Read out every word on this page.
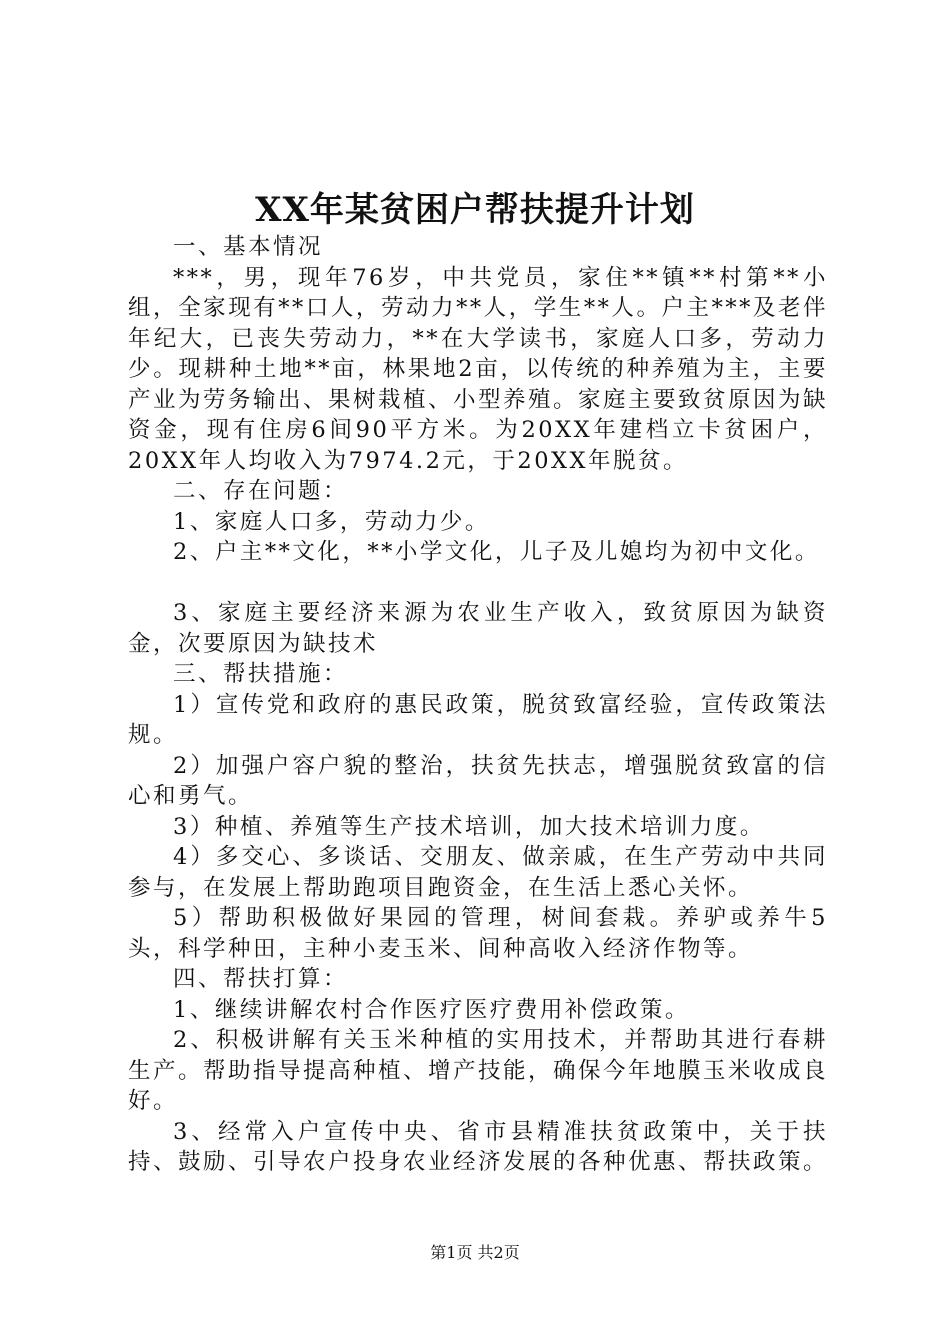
XX年某贫困户帮扶提升计划

一、基本情况

***，男，现年76岁，中共党员，家住**镇**村第**小组，全家现有**口人，劳动力**人，学生**人。户主***及老伴年纪大，已丧失劳动力，**在大学读书，家庭人口多，劳动力少。现耕种土地**亩，林果地2亩，以传统的种养殖为主，主要产业为劳务输出、果树栽植、小型养殖。家庭主要致贫原因为缺资金，现有住房6间90平方米。为20XX年建档立卡贫困户，20XX年人均收入为7974.2元，于20XX年脱贫。

二、存在问题：

1、家庭人口多，劳动力少。

2、户主**文化，**小学文化，儿子及儿媳均为初中文化。

3、家庭主要经济来源为农业生产收入，致贫原因为缺资金，次要原因为缺技术

三、帮扶措施：

1）宣传党和政府的惠民政策，脱贫致富经验，宣传政策法规。

2）加强户容户貌的整治，扶贫先扶志，增强脱贫致富的信心和勇气。

3）种植、养殖等生产技术培训，加大技术培训力度。

4）多交心、多谈话、交朋友、做亲戚，在生产劳动中共同参与，在发展上帮助跑项目跑资金，在生活上悉心关怀。

5）帮助积极做好果园的管理，树间套栽。养驴或养牛5头，科学种田，主种小麦玉米、间种高收入经济作物等。

四、帮扶打算：

1、继续讲解农村合作医疗医疗费用补偿政策。

2、积极讲解有关玉米种植的实用技术，并帮助其进行春耕生产。帮助指导提高种植、增产技能，确保今年地膜玉米收成良好。

3、经常入户宣传中央、省市县精准扶贫政策中，关于扶持、鼓励、引导农户投身农业经济发展的各种优惠、帮扶政策。

第1页 共2页
